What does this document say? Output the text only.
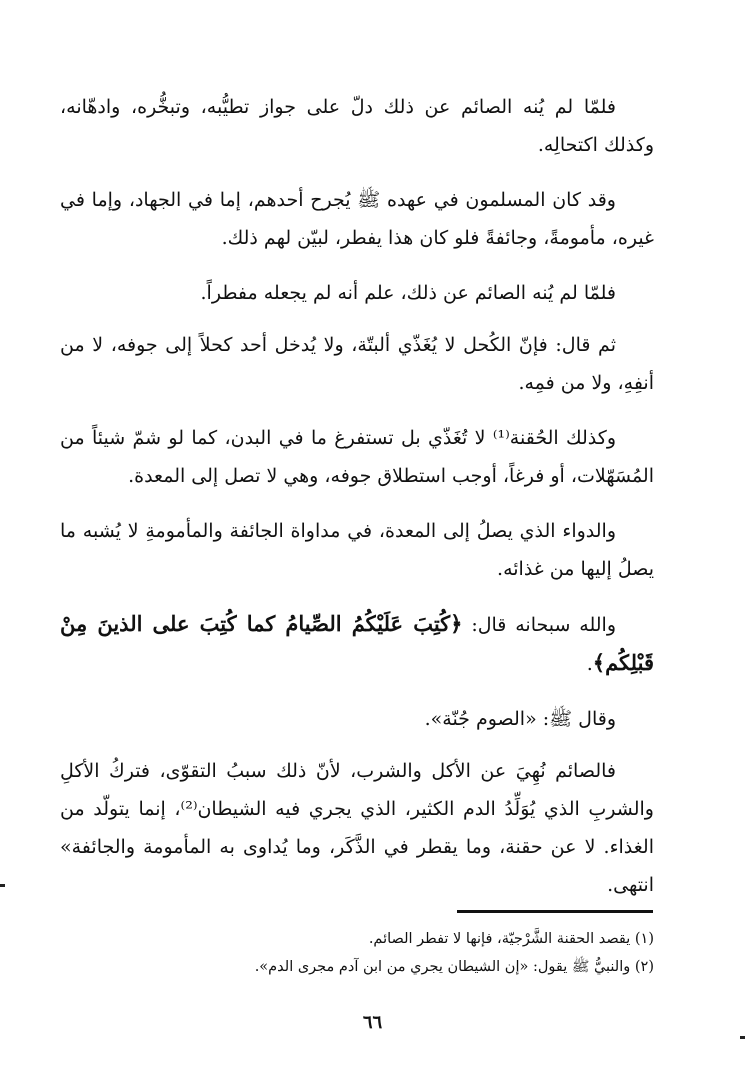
فلمّا لم يُنه الصائم عن ذلك دلّ على جواز تطيُّبه، وتبخُّره، وادهّانه، وكذلك اكتحالِه.

وقد كان المسلمون في عهده ﷺ يُجرح أحدهم، إما في الجهاد، وإما في غيره، مأمومةً، وجائفةً فلو كان هذا يفطر، لبيّن لهم ذلك.

فلمّا لم يُنه الصائم عن ذلك، علم أنه لم يجعله مفطراً.

ثم قال: فإنّ الكُحل لا يُغَذّي ألبتّة، ولا يُدخل أحد كحلاً إلى جوفه، لا من أنفِهِ، ولا من فمِه.

وكذلك الحُقنة⁽¹⁾ لا تُغَذّي بل تستفرغ ما في البدن، كما لو شمّ شيئاً من المُسَهّلات، أو فرغاً، أوجب استطلاق جوفه، وهي لا تصل إلى المعدة.

والدواء الذي يصلُ إلى المعدة، في مداواة الجائفة والمأمومةِ لا يُشبه ما يصلُ إليها من غذائه.

والله سبحانه قال: ﴿كُتِبَ عَلَيْكُمُ الصِّيامُ كما كُتِبَ على الذينَ مِنْ قَبْلِكُم﴾.

وقال ﷺ: «الصوم جُنّة».

فالصائم نُهِيَ عن الأكل والشرب، لأنّ ذلك سببُ التقوّى، فتركُ الأكلِ والشربِ الذي يُوَلِّدُ الدم الكثير، الذي يجري فيه الشيطان⁽²⁾، إنما يتولّد من الغذاء. لا عن حقنة، وما يقطر في الذَّكَر، وما يُداوى به المأمومة والجائفة» انتهى.

(١) يقصد الحقنة الشَّرْجيّة، فإنها لا تفطر الصائم.

(٢) والنبيُّ ﷺ يقول: «إن الشيطان يجري من ابن آدم مجرى الدم».

٦٦
